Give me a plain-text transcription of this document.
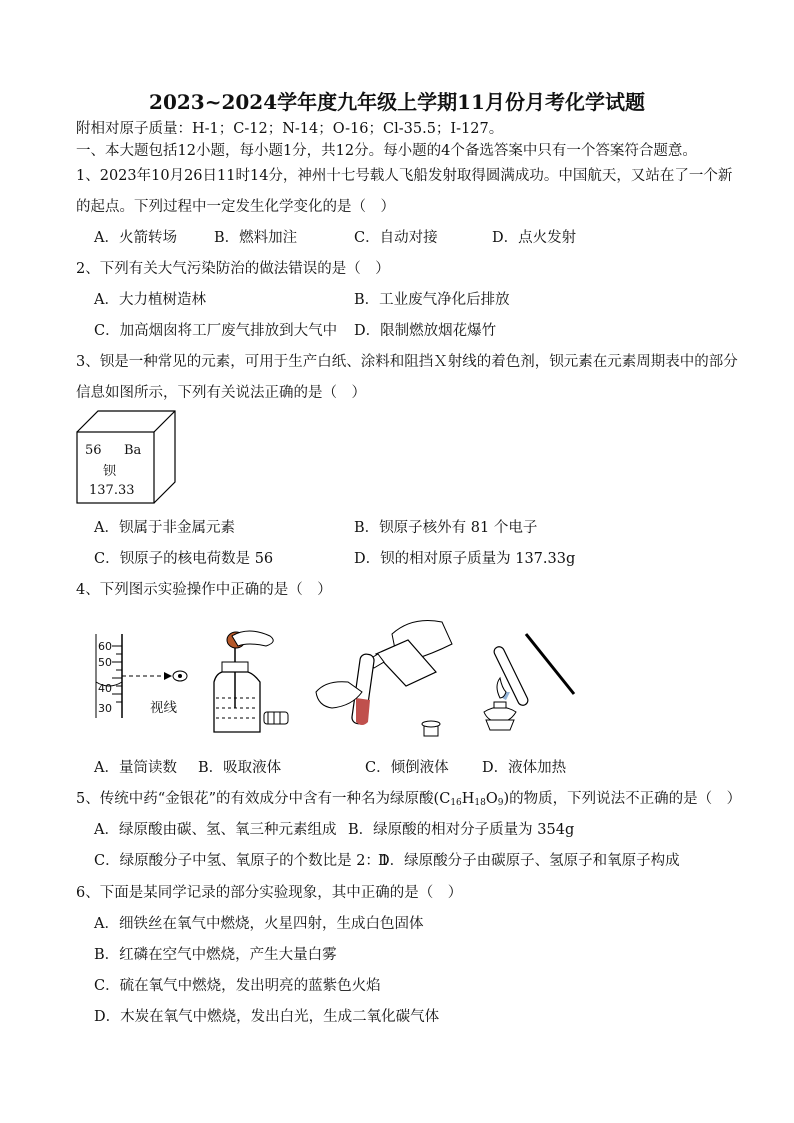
2023~2024学年度九年级上学期11月份月考化学试题
附相对原子质量：H-1；C-12；N-14；O-16；Cl-35.5；I-127。
一、本大题包括12小题，每小题1分，共12分。每小题的4个备选答案中只有一个答案符合题意。
1、2023年10月26日11时14分，神州十七号载人飞船发射取得圆满成功。中国航天，又站在了一个新
的起点。下列过程中一定发生化学变化的是（　）
A．火箭转场	B．燃料加注	C．自动对接	D．点火发射
2、下列有关大气污染防治的做法错误的是（　）
A．大力植树造林	B．工业废气净化后排放
C．加高烟囱将工厂废气排放到大气中 D．限制燃放烟花爆竹
3、钡是一种常见的元素，可用于生产白纸、涂料和阻挡Ｘ射线的着色剂，钡元素在元素周期表中的部分
信息如图所示，下列有关说法正确的是（　）
56 Ba
钡
137.33
A．钡属于非金属元素	B．钡原子核外有 81 个电子
C．钡原子的核电荷数是 56	D．钡的相对原子质量为 137.33g
4、下列图示实验操作中正确的是（　）
60
50
40
30	视线
A．量筒读数 B．吸取液体	C．倾倒液体 D．液体加热
5、传统中药“金银花”的有效成分中含有一种名为绿原酸$(C_{16}H_{18}O_9)$的物质，下列说法不正确的是（　）
A．绿原酸由碳、氢、氧三种元素组成 B．绿原酸的相对分子质量为 354g
C．绿原酸分子中氢、氧原子的个数比是 2：1
D．绿原酸分子由碳原子、氢原子和氧原子构成
6、下面是某同学记录的部分实验现象，其中正确的是（　）
A．细铁丝在氧气中燃烧，火星四射，生成白色固体
B．红磷在空气中燃烧，产生大量白雾
C．硫在氧气中燃烧，发出明亮的蓝紫色火焰
D．木炭在氧气中燃烧，发出白光，生成二氧化碳气体
